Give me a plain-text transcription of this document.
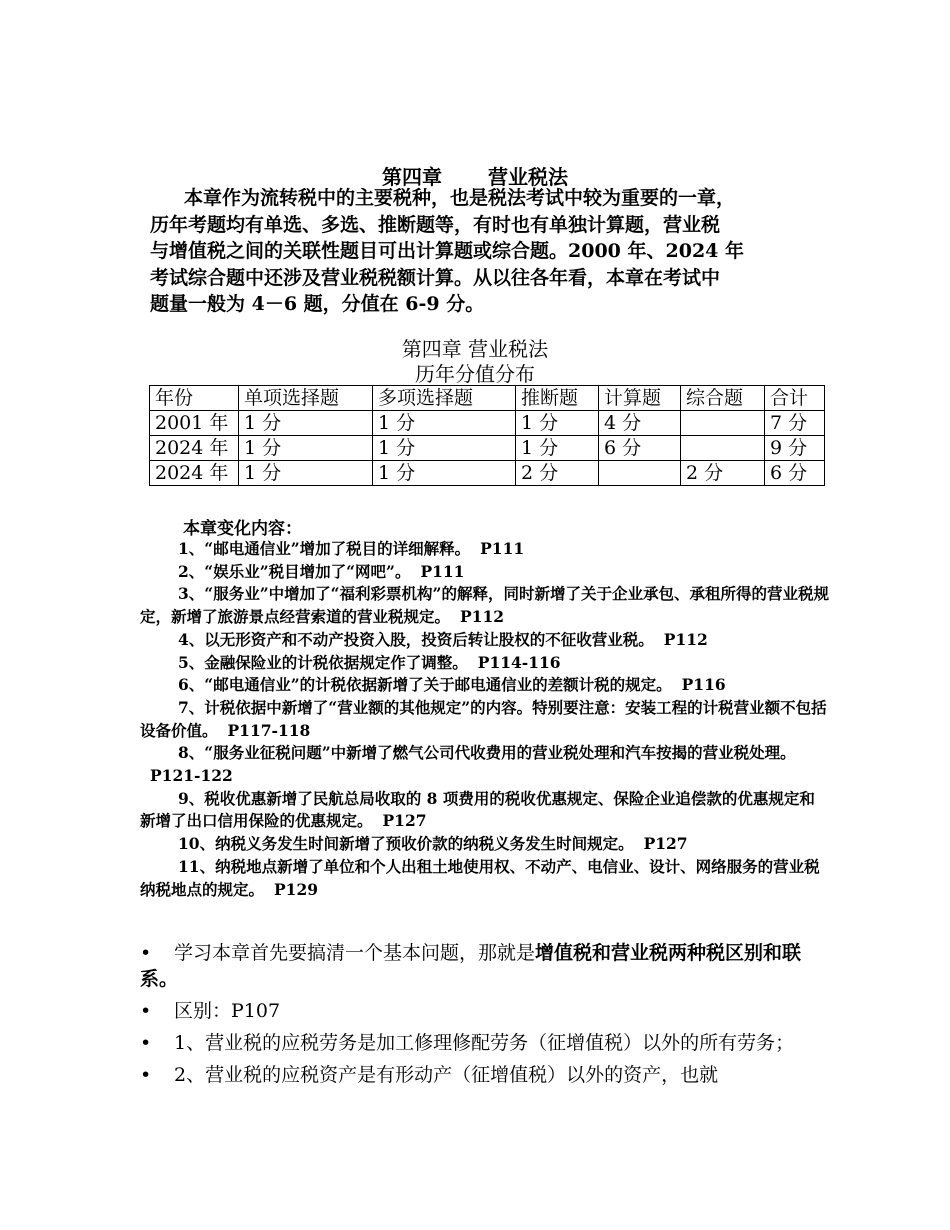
第四章 营业税法

本章作为流转税中的主要税种，也是税法考试中较为重要的一章，

历年考题均有单选、多选、推断题等，有时也有单独计算题，营业税

与增值税之间的关联性题目可出计算题或综合题。2000 年、2024 年

考试综合题中还涉及营业税税额计算。从以往各年看，本章在考试中

题量一般为 4－6 题，分值在 6-9 分。

第四章 营业税法
历年分值分布
年份	单项选择题	多项选择题	推断题	计算题	综合题	合计
2001 年	1 分	1 分	1 分	4 分		7 分
2024 年	1 分	1 分	1 分	6 分		9 分
2024 年	1 分	1 分	2 分		2 分	6 分
本章变化内容：

1、“邮电通信业”增加了税目的详细解释。 P111

2、“娱乐业”税目增加了“网吧”。 P111

3、“服务业”中增加了“福利彩票机构”的解释，同时新增了关于企业承包、承租所得的营业税规定，新增了旅游景点经营索道的营业税规定。 P112

4、以无形资产和不动产投资入股，投资后转让股权的不征收营业税。 P112

5、金融保险业的计税依据规定作了调整。 P114-116

6、“邮电通信业”的计税依据新增了关于邮电通信业的差额计税的规定。 P116

7、计税依据中新增了“营业额的其他规定”的内容。特别要注意：安装工程的计税营业额不包括设备价值。 P117-118

8、“服务业征税问题”中新增了燃气公司代收费用的营业税处理和汽车按揭的营业税处理。P121-122

9、税收优惠新增了民航总局收取的 8 项费用的税收优惠规定、保险企业追偿款的优惠规定和新增了出口信用保险的优惠规定。 P127

10、纳税义务发生时间新增了预收价款的纳税义务发生时间规定。 P127

11、纳税地点新增了单位和个人出租土地使用权、不动产、电信业、设计、网络服务的营业税纳税地点的规定。 P129

• 学习本章首先要搞清一个基本问题，那就是增值税和营业税两种税区别和联系。

• 区别：P107

• 1、营业税的应税劳务是加工修理修配劳务（征增值税）以外的所有劳务；

• 2、营业税的应税资产是有形动产（征增值税）以外的资产，也就
